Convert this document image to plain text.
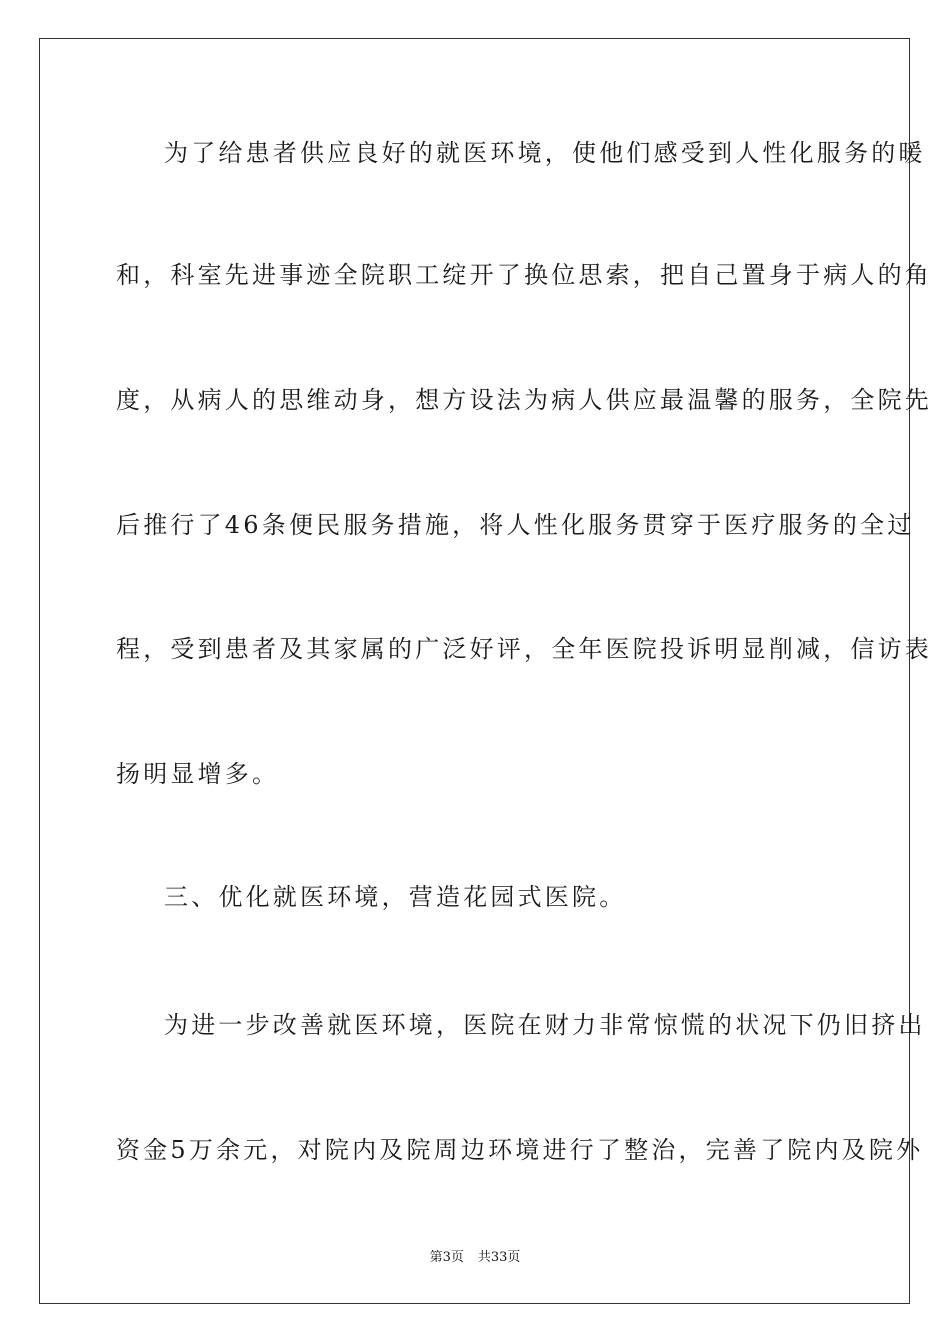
为了给患者供应良好的就医环境，使他们感受到人性化服务的暖
和，科室先进事迹全院职工绽开了换位思索，把自己置身于病人的角
度，从病人的思维动身，想方设法为病人供应最温馨的服务，全院先
后推行了46条便民服务措施，将人性化服务贯穿于医疗服务的全过
程，受到患者及其家属的广泛好评，全年医院投诉明显削减，信访表
扬明显增多。
三、优化就医环境，营造花园式医院。
为进一步改善就医环境，医院在财力非常惊慌的状况下仍旧挤出
资金5万余元，对院内及院周边环境进行了整治，完善了院内及院外
第3页 共33页
